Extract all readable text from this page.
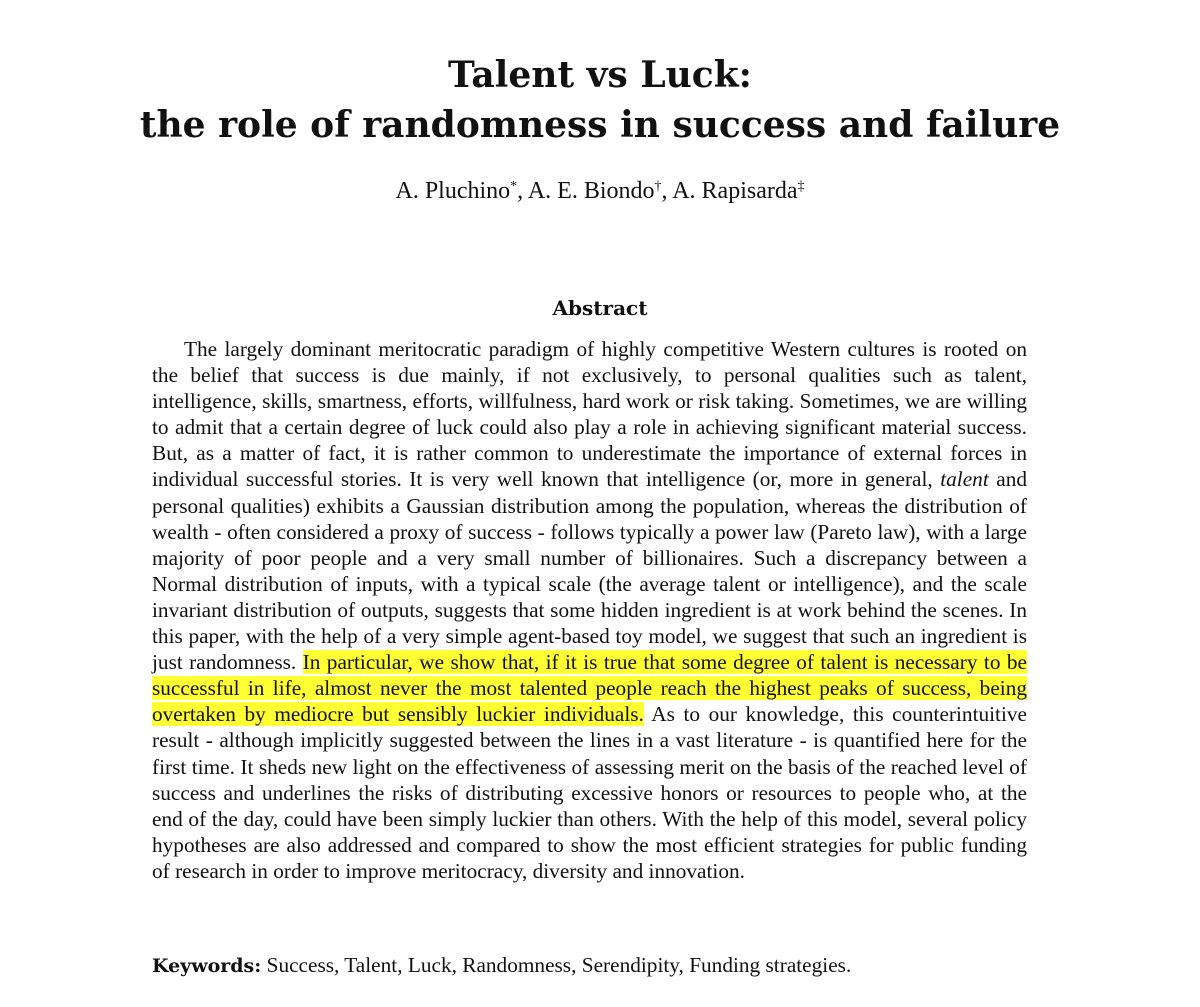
Talent vs Luck:
the role of randomness in success and failure
A. Pluchino*, A. E. Biondo†, A. Rapisarda‡
Abstract
The largely dominant meritocratic paradigm of highly competitive Western cultures is rooted on the belief that success is due mainly, if not exclusively, to personal qualities such as talent, intelligence, skills, smartness, efforts, willfulness, hard work or risk taking. Sometimes, we are willing to admit that a certain degree of luck could also play a role in achieving significant material success. But, as a matter of fact, it is rather common to underestimate the importance of external forces in individual successful stories. It is very well known that intelligence (or, more in general, talent and personal qualities) exhibits a Gaussian distribution among the population, whereas the distribution of wealth - often considered a proxy of success - follows typically a power law (Pareto law), with a large majority of poor people and a very small number of billionaires. Such a discrepancy between a Normal distribution of inputs, with a typical scale (the average talent or intelligence), and the scale invariant distribution of outputs, suggests that some hidden ingredient is at work behind the scenes. In this paper, with the help of a very simple agent-based toy model, we suggest that such an ingredient is just randomness. In particular, we show that, if it is true that some degree of talent is necessary to be successful in life, almost never the most talented people reach the highest peaks of success, being overtaken by mediocre but sensibly luckier individuals. As to our knowledge, this counterintuitive result - although implicitly suggested between the lines in a vast literature - is quantified here for the first time. It sheds new light on the effectiveness of assessing merit on the basis of the reached level of success and underlines the risks of distributing excessive honors or resources to people who, at the end of the day, could have been simply luckier than others. With the help of this model, several policy hypotheses are also addressed and compared to show the most efficient strategies for public funding of research in order to improve meritocracy, diversity and innovation.
Keywords: Success, Talent, Luck, Randomness, Serendipity, Funding strategies.
